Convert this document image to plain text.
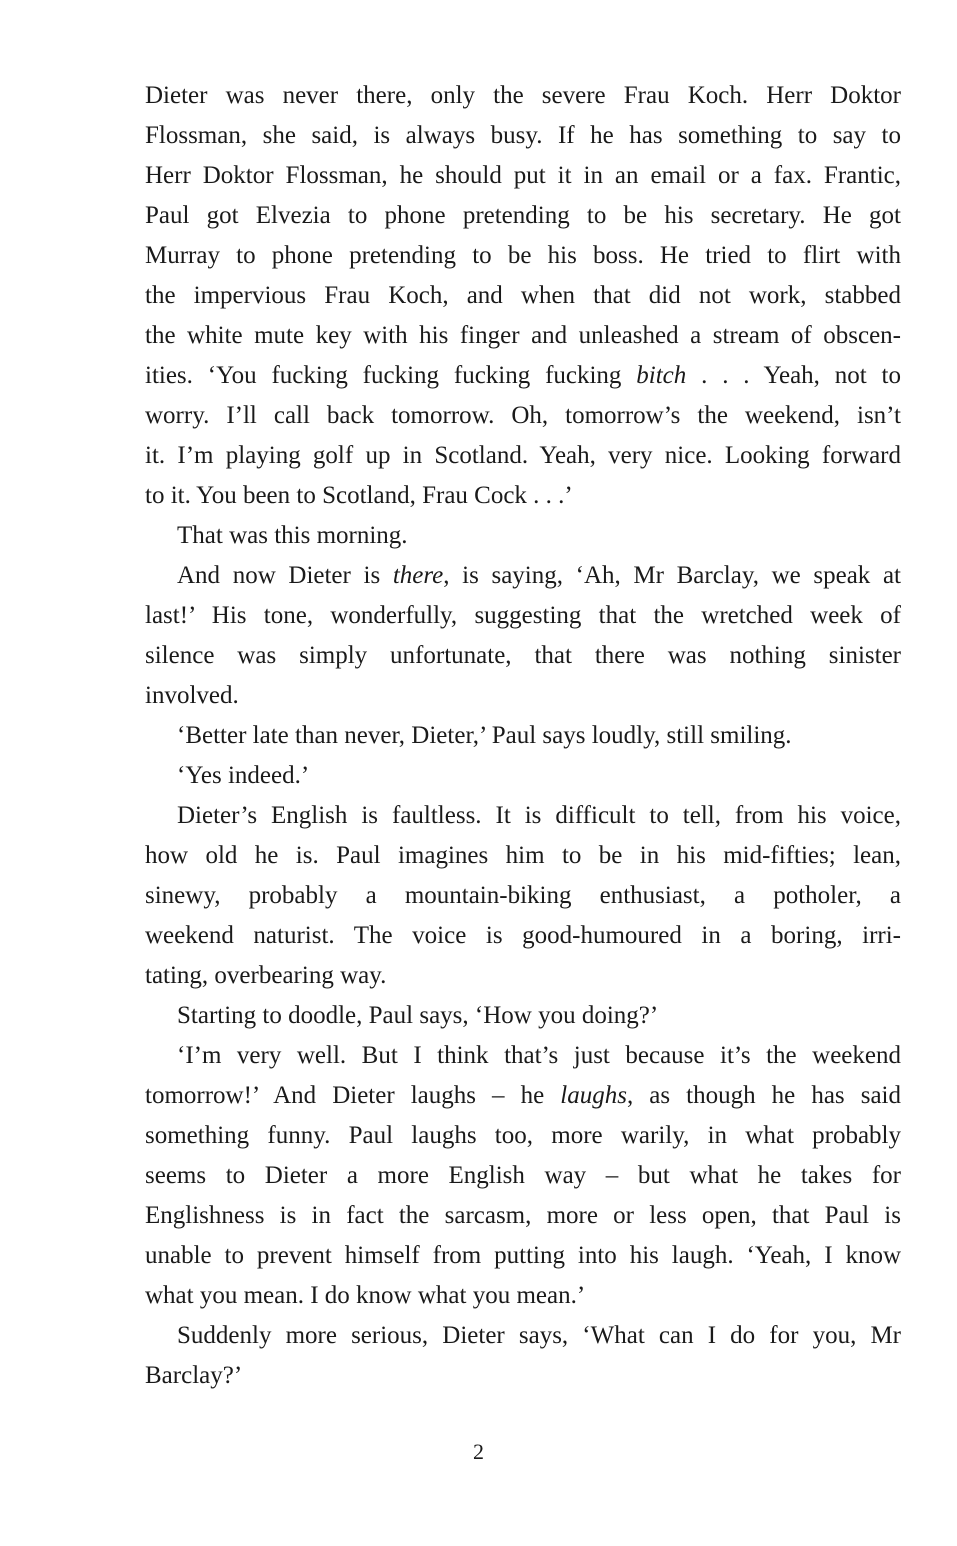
Dieter was never there, only the severe Frau Koch. Herr Doktor
Flossman, she said, is always busy. If he has something to say to
Herr Doktor Flossman, he should put it in an email or a fax. Frantic,
Paul got Elvezia to phone pretending to be his secretary. He got
Murray to phone pretending to be his boss. He tried to flirt with
the impervious Frau Koch, and when that did not work, stabbed
the white mute key with his finger and unleashed a stream of obscen-
ities. ‘You fucking fucking fucking fucking bitch . . . Yeah, not to
worry. I’ll call back tomorrow. Oh, tomorrow’s the weekend, isn’t
it. I’m playing golf up in Scotland. Yeah, very nice. Looking forward
to it. You been to Scotland, Frau Cock . . .’
That was this morning.
And now Dieter is there, is saying, ‘Ah, Mr Barclay, we speak at
last!’ His tone, wonderfully, suggesting that the wretched week of
silence was simply unfortunate, that there was nothing sinister
involved.
‘Better late than never, Dieter,’ Paul says loudly, still smiling.
‘Yes indeed.’
Dieter’s English is faultless. It is difficult to tell, from his voice,
how old he is. Paul imagines him to be in his mid-fifties; lean,
sinewy, probably a mountain-biking enthusiast, a potholer, a
weekend naturist. The voice is good-humoured in a boring, irri-
tating, overbearing way.
Starting to doodle, Paul says, ‘How you doing?’
‘I’m very well. But I think that’s just because it’s the weekend
tomorrow!’ And Dieter laughs – he laughs, as though he has said
something funny. Paul laughs too, more warily, in what probably
seems to Dieter a more English way – but what he takes for
Englishness is in fact the sarcasm, more or less open, that Paul is
unable to prevent himself from putting into his laugh. ‘Yeah, I know
what you mean. I do know what you mean.’
Suddenly more serious, Dieter says, ‘What can I do for you, Mr
Barclay?’
2
